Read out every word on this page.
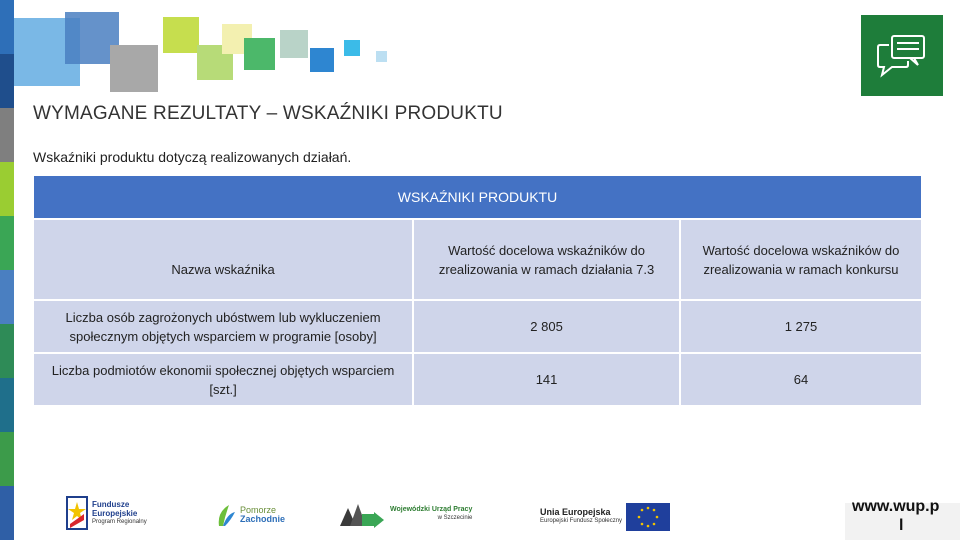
WYMAGANE REZULTATY – WSKAŹNIKI PRODUKTU
Wskaźniki produktu dotyczą realizowanych działań.
WSKAŹNIKI PRODUKTU		
Nazwa wskaźnika	Wartość docelowa wskaźników do zrealizowania w ramach działania 7.3	Wartość docelowa wskaźników do zrealizowania w ramach konkursu
Liczba osób zagrożonych ubóstwem lub wykluczeniem społecznym objętych wsparciem w programie [osoby]	2 805	1 275
Liczba podmiotów ekonomii społecznej objętych wsparciem [szt.]	141	64
Fundusze
Europejskie
Program Regionalny
Pomorze
Zachodnie
Wojewódzki Urząd Pracy
w Szczecinie
Unia Europejska
Europejski Fundusz Społeczny
www.wup.p
l
